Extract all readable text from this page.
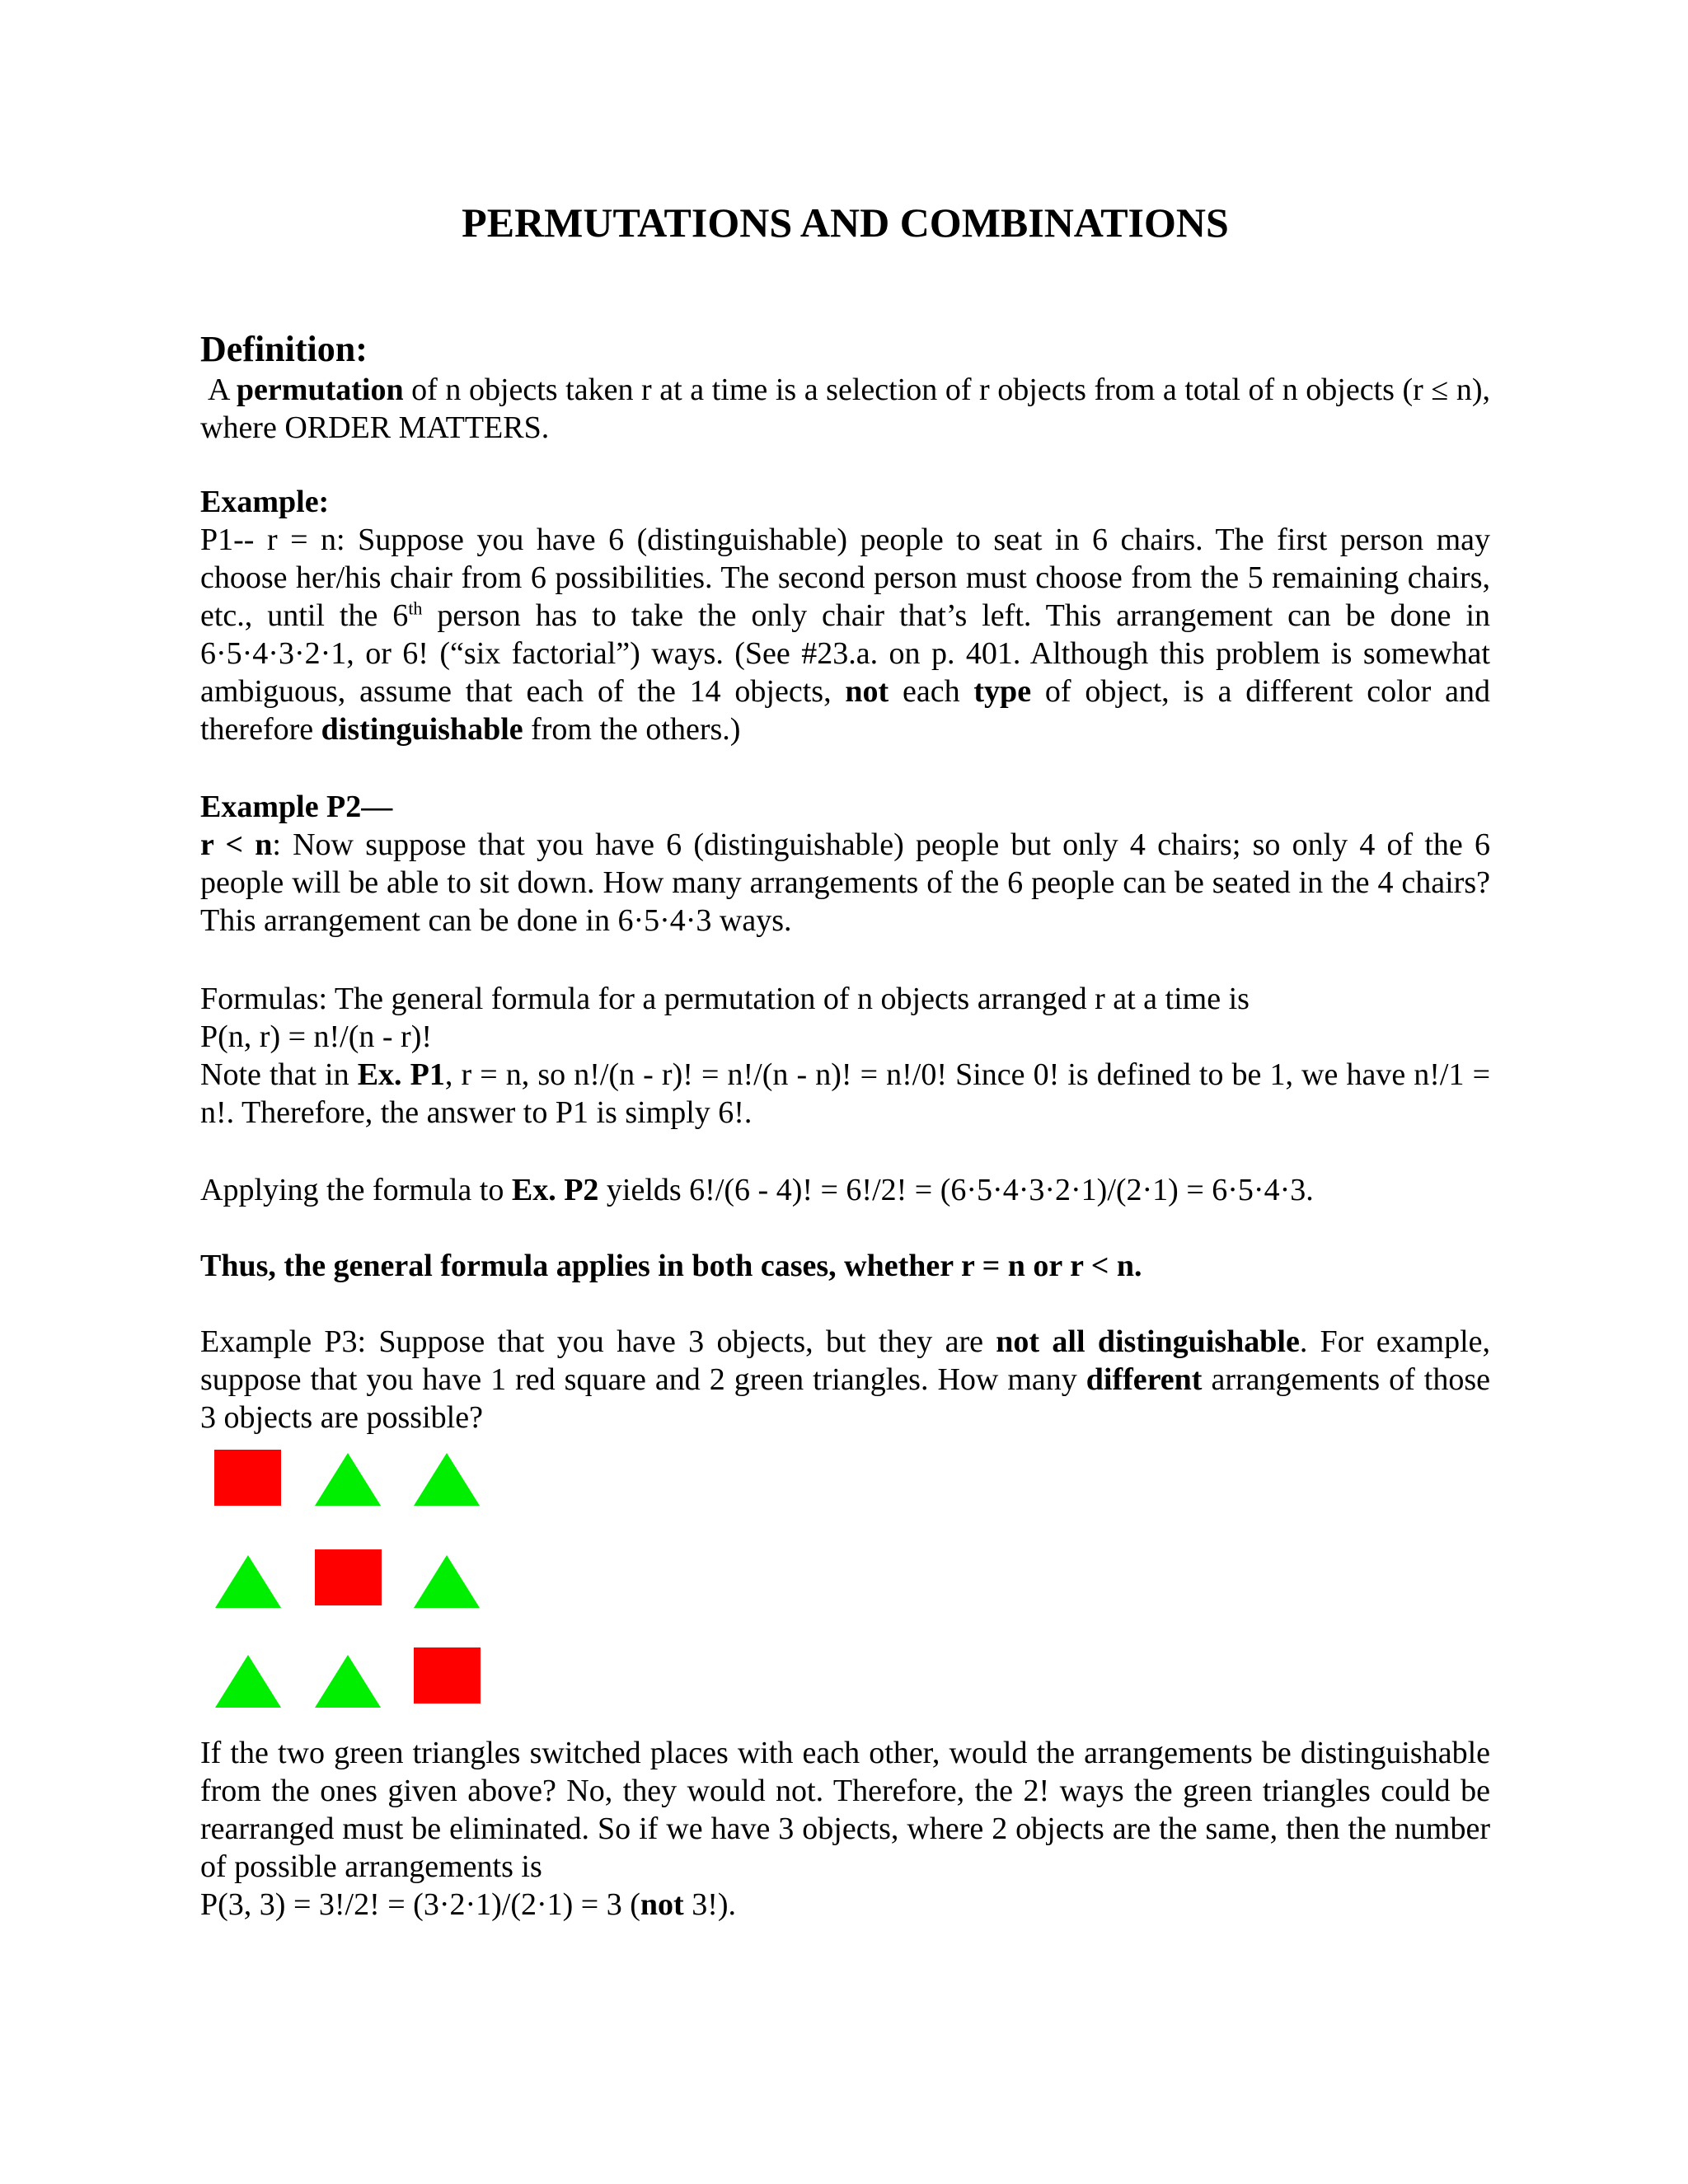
PERMUTATIONS AND COMBINATIONS
Definition:
A permutation of n objects taken r at a time is a selection of r objects from a total of n objects (r ≤ n), where ORDER MATTERS.
Example:
P1-- r = n: Suppose you have 6 (distinguishable) people to seat in 6 chairs. The first person may choose her/his chair from 6 possibilities. The second person must choose from the 5 remaining chairs, etc., until the 6th person has to take the only chair that’s left. This arrangement can be done in 6·5·4·3·2·1, or 6! (“six factorial”) ways. (See #23.a. on p. 401. Although this problem is somewhat ambiguous, assume that each of the 14 objects, not each type of object, is a different color and therefore distinguishable from the others.)
Example P2—
r < n: Now suppose that you have 6 (distinguishable) people but only 4 chairs; so only 4 of the 6 people will be able to sit down. How many arrangements of the 6 people can be seated in the 4 chairs? This arrangement can be done in 6·5·4·3 ways.
Formulas: The general formula for a permutation of n objects arranged r at a time is
P(n, r) = n!/(n - r)!
Note that in Ex. P1, r = n, so n!/(n - r)! = n!/(n - n)! = n!/0! Since 0! is defined to be 1, we have n!/1 = n!. Therefore, the answer to P1 is simply 6!.
Applying the formula to Ex. P2 yields 6!/(6 - 4)! = 6!/2! = (6·5·4·3·2·1)/(2·1) = 6·5·4·3.
Thus, the general formula applies in both cases, whether r = n or r < n.
Example P3: Suppose that you have 3 objects, but they are not all distinguishable. For example, suppose that you have 1 red square and 2 green triangles. How many different arrangements of those 3 objects are possible?
If the two green triangles switched places with each other, would the arrangements be distinguishable from the ones given above? No, they would not. Therefore, the 2! ways the green triangles could be rearranged must be eliminated. So if we have 3 objects, where 2 objects are the same, then the number of possible arrangements is
P(3, 3) = 3!/2! = (3·2·1)/(2·1) = 3 (not 3!).
